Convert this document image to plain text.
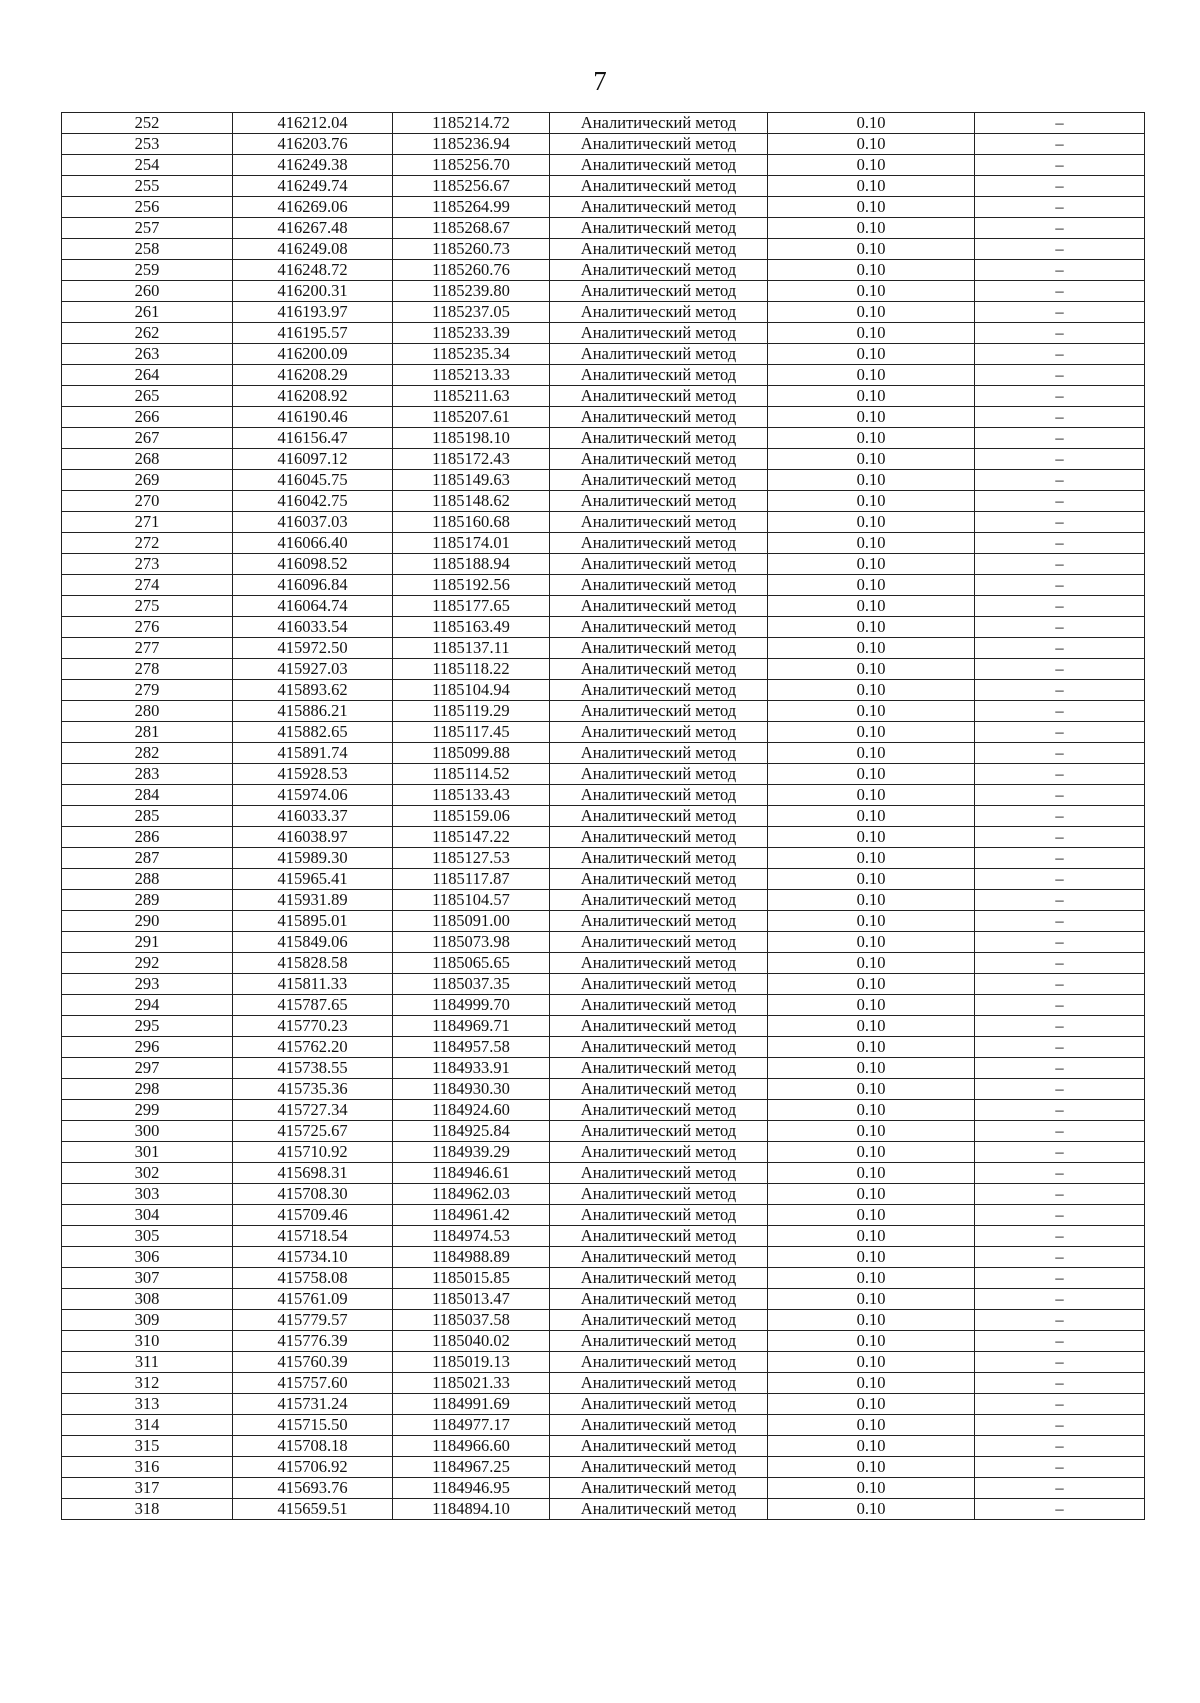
7
252	416212.04	1185214.72	Аналитический метод	0.10	–
253	416203.76	1185236.94	Аналитический метод	0.10	–
254	416249.38	1185256.70	Аналитический метод	0.10	–
255	416249.74	1185256.67	Аналитический метод	0.10	–
256	416269.06	1185264.99	Аналитический метод	0.10	–
257	416267.48	1185268.67	Аналитический метод	0.10	–
258	416249.08	1185260.73	Аналитический метод	0.10	–
259	416248.72	1185260.76	Аналитический метод	0.10	–
260	416200.31	1185239.80	Аналитический метод	0.10	–
261	416193.97	1185237.05	Аналитический метод	0.10	–
262	416195.57	1185233.39	Аналитический метод	0.10	–
263	416200.09	1185235.34	Аналитический метод	0.10	–
264	416208.29	1185213.33	Аналитический метод	0.10	–
265	416208.92	1185211.63	Аналитический метод	0.10	–
266	416190.46	1185207.61	Аналитический метод	0.10	–
267	416156.47	1185198.10	Аналитический метод	0.10	–
268	416097.12	1185172.43	Аналитический метод	0.10	–
269	416045.75	1185149.63	Аналитический метод	0.10	–
270	416042.75	1185148.62	Аналитический метод	0.10	–
271	416037.03	1185160.68	Аналитический метод	0.10	–
272	416066.40	1185174.01	Аналитический метод	0.10	–
273	416098.52	1185188.94	Аналитический метод	0.10	–
274	416096.84	1185192.56	Аналитический метод	0.10	–
275	416064.74	1185177.65	Аналитический метод	0.10	–
276	416033.54	1185163.49	Аналитический метод	0.10	–
277	415972.50	1185137.11	Аналитический метод	0.10	–
278	415927.03	1185118.22	Аналитический метод	0.10	–
279	415893.62	1185104.94	Аналитический метод	0.10	–
280	415886.21	1185119.29	Аналитический метод	0.10	–
281	415882.65	1185117.45	Аналитический метод	0.10	–
282	415891.74	1185099.88	Аналитический метод	0.10	–
283	415928.53	1185114.52	Аналитический метод	0.10	–
284	415974.06	1185133.43	Аналитический метод	0.10	–
285	416033.37	1185159.06	Аналитический метод	0.10	–
286	416038.97	1185147.22	Аналитический метод	0.10	–
287	415989.30	1185127.53	Аналитический метод	0.10	–
288	415965.41	1185117.87	Аналитический метод	0.10	–
289	415931.89	1185104.57	Аналитический метод	0.10	–
290	415895.01	1185091.00	Аналитический метод	0.10	–
291	415849.06	1185073.98	Аналитический метод	0.10	–
292	415828.58	1185065.65	Аналитический метод	0.10	–
293	415811.33	1185037.35	Аналитический метод	0.10	–
294	415787.65	1184999.70	Аналитический метод	0.10	–
295	415770.23	1184969.71	Аналитический метод	0.10	–
296	415762.20	1184957.58	Аналитический метод	0.10	–
297	415738.55	1184933.91	Аналитический метод	0.10	–
298	415735.36	1184930.30	Аналитический метод	0.10	–
299	415727.34	1184924.60	Аналитический метод	0.10	–
300	415725.67	1184925.84	Аналитический метод	0.10	–
301	415710.92	1184939.29	Аналитический метод	0.10	–
302	415698.31	1184946.61	Аналитический метод	0.10	–
303	415708.30	1184962.03	Аналитический метод	0.10	–
304	415709.46	1184961.42	Аналитический метод	0.10	–
305	415718.54	1184974.53	Аналитический метод	0.10	–
306	415734.10	1184988.89	Аналитический метод	0.10	–
307	415758.08	1185015.85	Аналитический метод	0.10	–
308	415761.09	1185013.47	Аналитический метод	0.10	–
309	415779.57	1185037.58	Аналитический метод	0.10	–
310	415776.39	1185040.02	Аналитический метод	0.10	–
311	415760.39	1185019.13	Аналитический метод	0.10	–
312	415757.60	1185021.33	Аналитический метод	0.10	–
313	415731.24	1184991.69	Аналитический метод	0.10	–
314	415715.50	1184977.17	Аналитический метод	0.10	–
315	415708.18	1184966.60	Аналитический метод	0.10	–
316	415706.92	1184967.25	Аналитический метод	0.10	–
317	415693.76	1184946.95	Аналитический метод	0.10	–
318	415659.51	1184894.10	Аналитический метод	0.10	–
